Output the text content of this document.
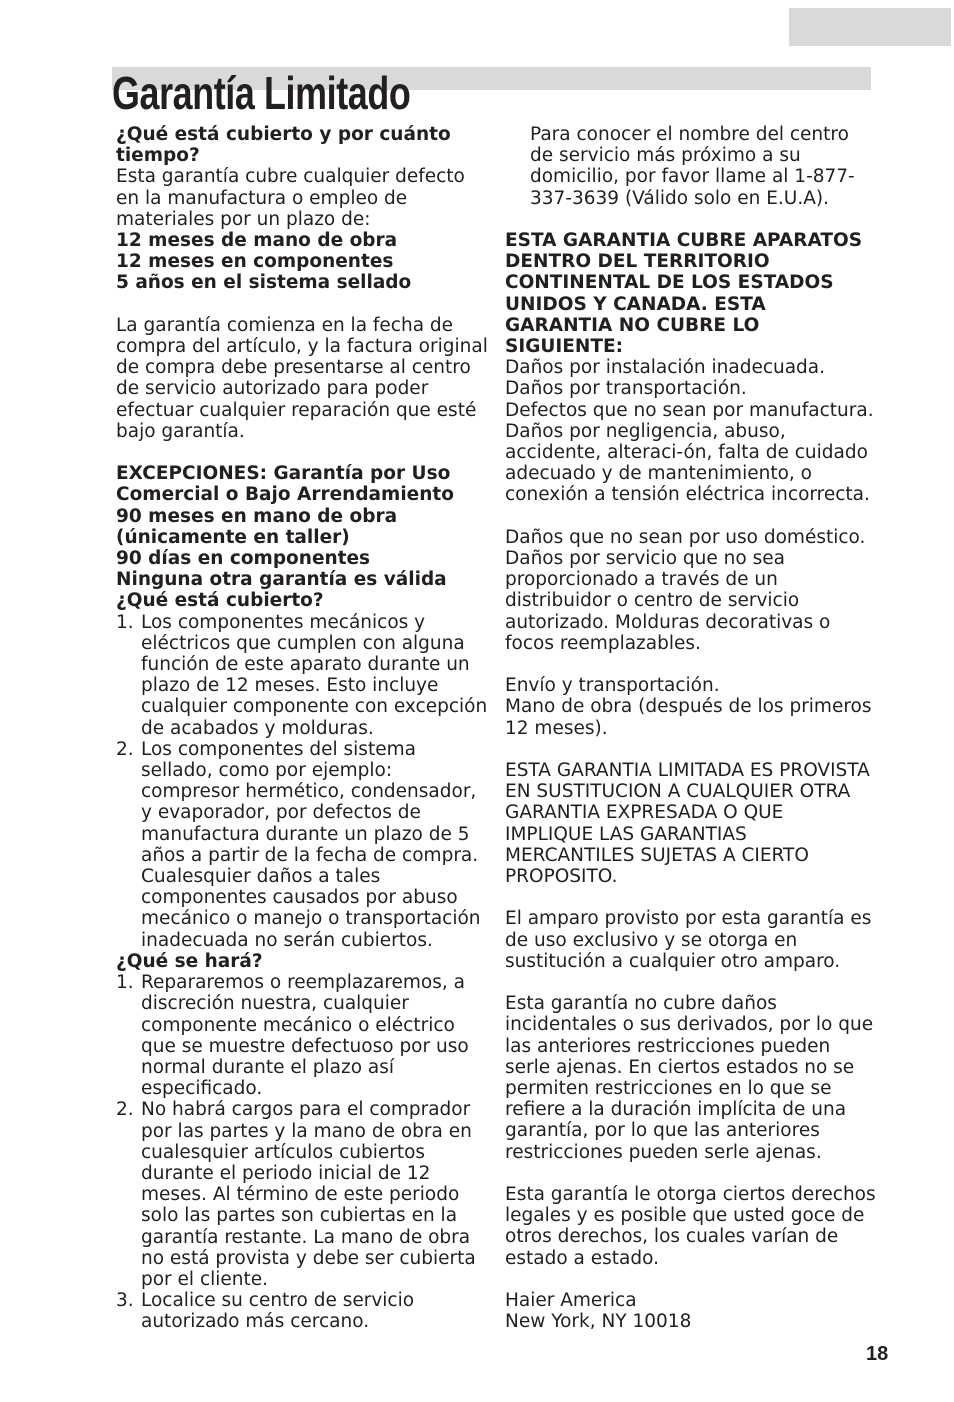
Garantía Limitado

¿Qué está cubierto y por cuánto tiempo?

Esta garantía cubre cualquier defecto en la manufactura o empleo de materiales por un plazo de:

12 meses de mano de obra

12 meses en componentes

5 años en el sistema sellado

La garantía comienza en la fecha de compra del artículo, y la factura original de compra debe presentarse al centro de servicio autorizado para poder efectuar cualquier reparación que esté bajo garantía.

EXCEPCIONES: Garantía por Uso Comercial o Bajo Arrendamiento

90 meses en mano de obra (únicamente en taller)

90 días en componentes

Ninguna otra garantía es válida

¿Qué está cubierto?

1. Los componentes mecánicos y eléctricos que cumplen con alguna función de este aparato durante un plazo de 12 meses. Esto incluye cualquier componente con excepción de acabados y molduras.
2. Los componentes del sistema sellado, como por ejemplo: compresor hermético, condensador, y evaporador, por defectos de manufactura durante un plazo de 5 años a partir de la fecha de compra. Cualesquier daños a tales componentes causados por abuso mecánico o manejo o transportación inadecuada no serán cubiertos.

¿Qué se hará?

1. Repararemos o reemplazaremos, a discreción nuestra, cualquier componente mecánico o eléctrico que se muestre defectuoso por uso normal durante el plazo así especificado.
2. No habrá cargos para el comprador por las partes y la mano de obra en cualesquier artículos cubiertos durante el periodo inicial de 12 meses. Al término de este periodo solo las partes son cubiertas en la garantía restante. La mano de obra no está provista y debe ser cubierta por el cliente.
3. Localice su centro de servicio autorizado más cercano.

Para conocer el nombre del centro de servicio más próximo a su domicilio, por favor llame al 1-877-337-3639 (Válido solo en E.U.A).

ESTA GARANTIA CUBRE APARATOS DENTRO DEL TERRITORIO CONTINENTAL DE LOS ESTADOS UNIDOS Y CANADA. ESTA GARANTIA NO CUBRE LO SIGUIENTE:

Daños por instalación inadecuada.

Daños por transportación.

Defectos que no sean por manufactura.

Daños por negligencia, abuso, accidente, alteraci-ón, falta de cuidado adecuado y de mantenimiento, o conexión a tensión eléctrica incorrecta.

Daños que no sean por uso doméstico.

Daños por servicio que no sea proporcionado a través de un distribuidor o centro de servicio autorizado. Molduras decorativas o focos reemplazables.

Envío y transportación.

Mano de obra (después de los primeros 12 meses).

ESTA GARANTIA LIMITADA ES PROVISTA EN SUSTITUCION A CUALQUIER OTRA GARANTIA EXPRESADA O QUE IMPLIQUE LAS GARANTIAS MERCANTILES SUJETAS A CIERTO PROPOSITO.

El amparo provisto por esta garantía es de uso exclusivo y se otorga en sustitución a cualquier otro amparo.

Esta garantía no cubre daños incidentales o sus derivados, por lo que las anteriores restricciones pueden serle ajenas. En ciertos estados no se permiten restricciones en lo que se refiere a la duración implícita de una garantía, por lo que las anteriores restricciones pueden serle ajenas.

Esta garantía le otorga ciertos derechos legales y es posible que usted goce de otros derechos, los cuales varían de estado a estado.

Haier America

New York, NY 10018

18
